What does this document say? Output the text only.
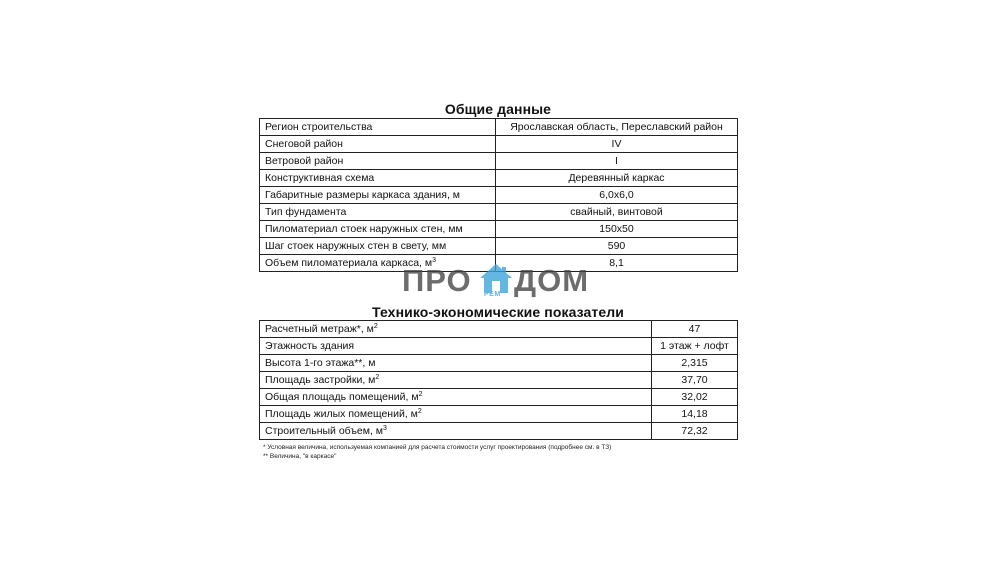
Общие данные
Регион строительства	Ярославская область, Переславский район
Снеговой район	IV
Ветровой район	I
Конструктивная схема	Деревянный каркас
Габаритные размеры каркаса здания, м	6,0х6,0
Тип фундамента	свайный, винтовой
Пиломатериал стоек наружных стен, мм	150х50
Шаг стоек наружных стен в свету, мм	590
Объем пиломатериала каркаса, $м^3$	8,1
ПРО РЕМ ДОМ
Технико-экономические показатели
Расчетный метраж*, $м^2$	47
Этажность здания	1 этаж + лофт
Высота 1-го этажа**, м	2,315
Площадь застройки, $м^2$	37,70
Общая площадь помещений, $м^2$	32,02
Площадь жилых помещений, $м^2$	14,18
Строительный объем, $м^3$	72,32
* Условная величина, используемая компанией для расчета стоимости услуг проектирования (подробнее см. в ТЗ)
** Величина, "в каркасе"
